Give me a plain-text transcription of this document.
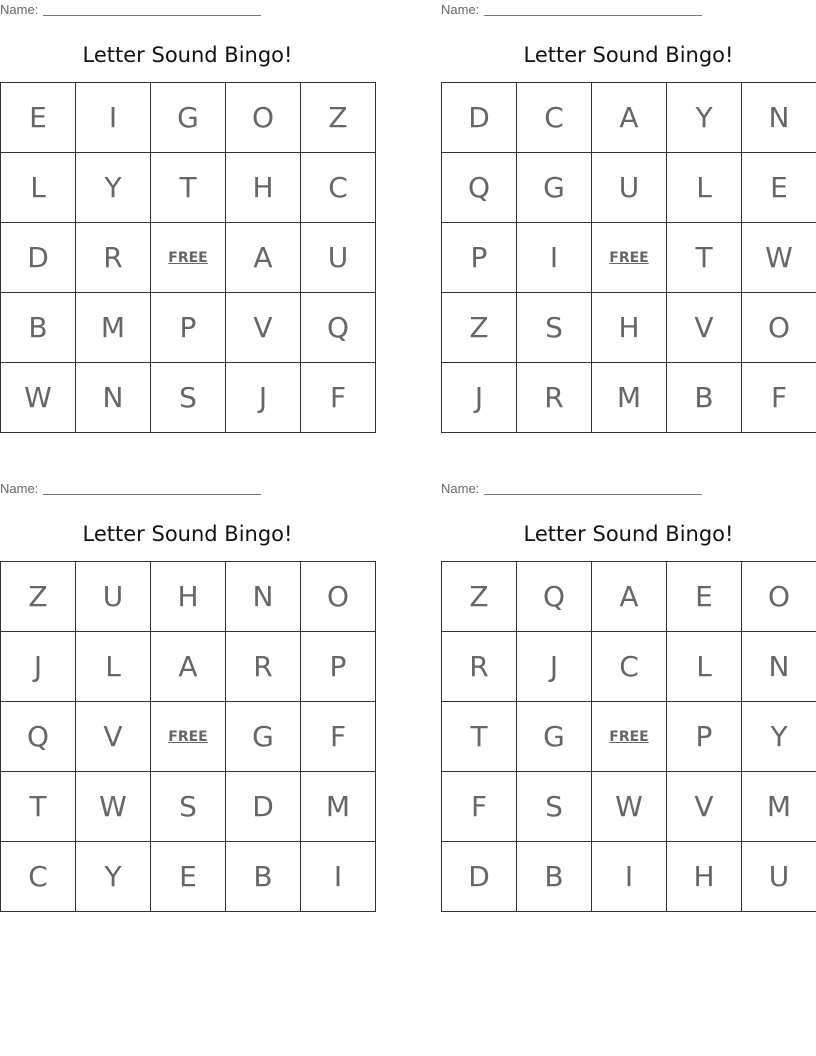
Name:
Letter Sound Bingo!
E	I	G	O	Z
L	Y	T	H	C
D	R	FREE	A	U
B	M	P	V	Q
W	N	S	J	F
Name:
Letter Sound Bingo!
D	C	A	Y	N
Q	G	U	L	E
P	I	FREE	T	W
Z	S	H	V	O
J	R	M	B	F
Name:
Letter Sound Bingo!
Z	U	H	N	O
J	L	A	R	P
Q	V	FREE	G	F
T	W	S	D	M
C	Y	E	B	I
Name:
Letter Sound Bingo!
Z	Q	A	E	O
R	J	C	L	N
T	G	FREE	P	Y
F	S	W	V	M
D	B	I	H	U
